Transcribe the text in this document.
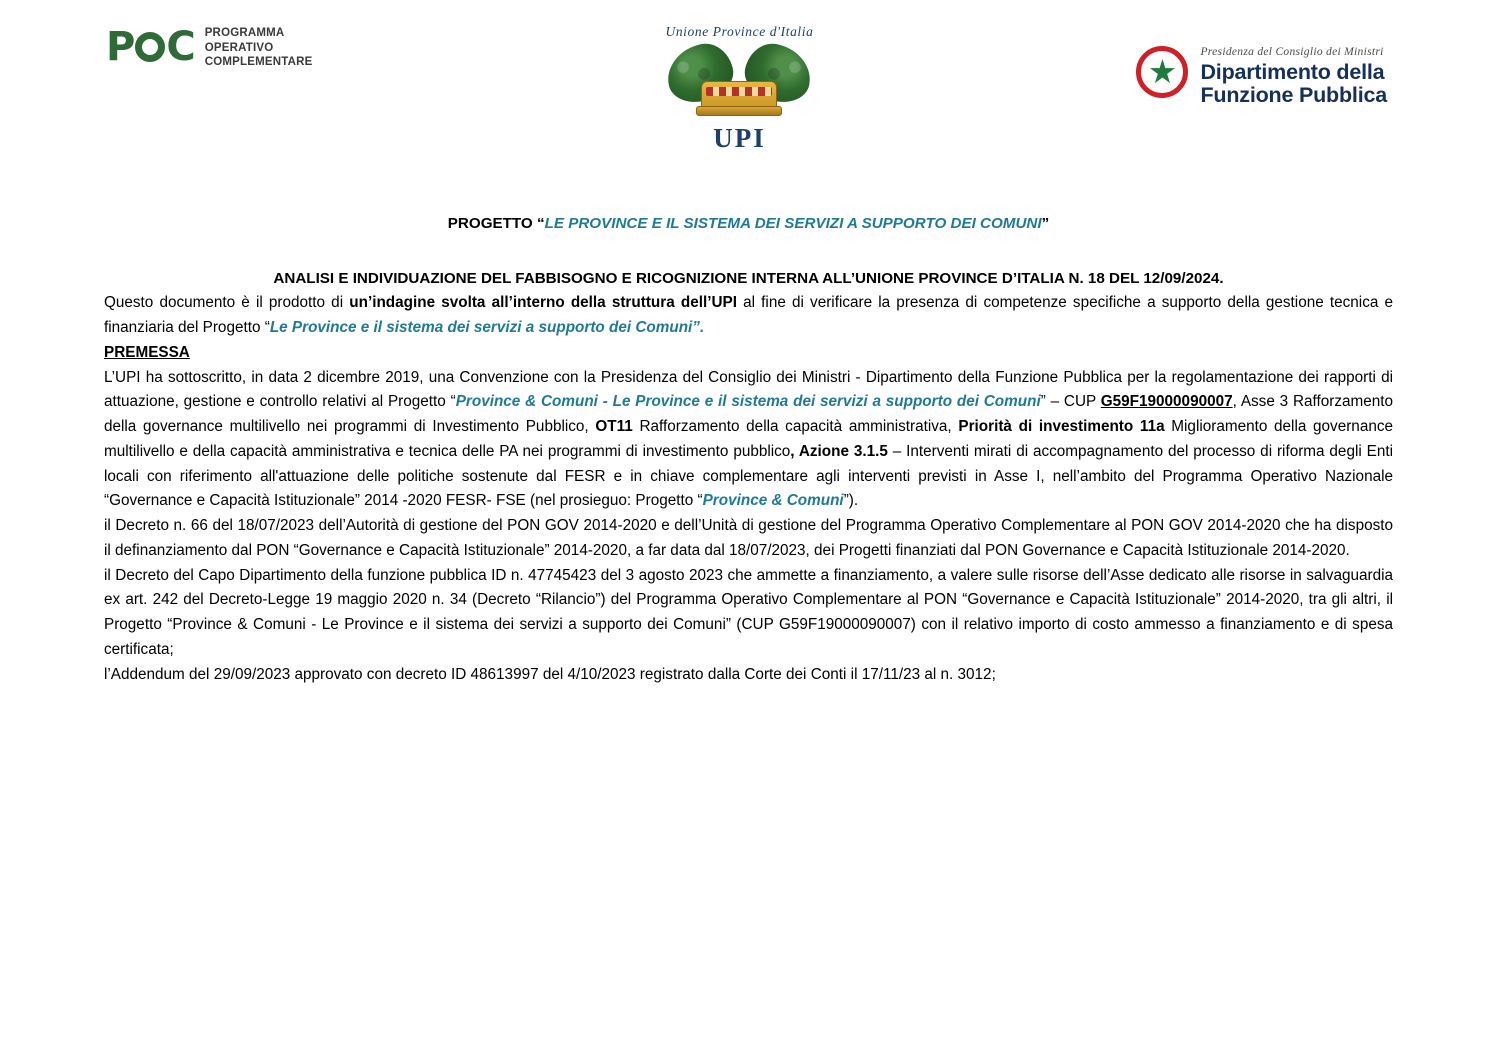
P C PROGRAMMA
OPERATIVO
COMPLEMENTARE
Unione Province d'Italia
UPI
Presidenza del Consiglio dei Ministri
Dipartimento della
Funzione Pubblica
PROGETTO “LE PROVINCE E IL SISTEMA DEI SERVIZI A SUPPORTO DEI COMUNI”
ANALISI E INDIVIDUAZIONE DEL FABBISOGNO E RICOGNIZIONE INTERNA ALL’UNIONE PROVINCE D’ITALIA N. 18 DEL 12/09/2024.

Questo documento è il prodotto di un’indagine svolta all’interno della struttura dell’UPI al fine di verificare la presenza di competenze specifiche a supporto della gestione tecnica e finanziaria del Progetto “Le Province e il sistema dei servizi a supporto dei Comuni”.

PREMESSA

L’UPI ha sottoscritto, in data 2 dicembre 2019, una Convenzione con la Presidenza del Consiglio dei Ministri - Dipartimento della Funzione Pubblica per la regolamentazione dei rapporti di attuazione, gestione e controllo relativi al Progetto “Province & Comuni - Le Province e il sistema dei servizi a supporto dei Comuni” – CUP G59F19000090007, Asse 3 Rafforzamento della governance multilivello nei programmi di Investimento Pubblico, OT11 Rafforzamento della capacità amministrativa, Priorità di investimento 11a Miglioramento della governance multilivello e della capacità amministrativa e tecnica delle PA nei programmi di investimento pubblico, Azione 3.1.5 – Interventi mirati di accompagnamento del processo di riforma degli Enti locali con riferimento all'attuazione delle politiche sostenute dal FESR e in chiave complementare agli interventi previsti in Asse I, nell’ambito del Programma Operativo Nazionale “Governance e Capacità Istituzionale” 2014 -2020 FESR- FSE (nel prosieguo: Progetto “Province & Comuni”).

il Decreto n. 66 del 18/07/2023 dell’Autorità di gestione del PON GOV 2014-2020 e dell’Unità di gestione del Programma Operativo Complementare al PON GOV 2014-2020 che ha disposto il definanziamento dal PON “Governance e Capacità Istituzionale” 2014-2020, a far data dal 18/07/2023, dei Progetti finanziati dal PON Governance e Capacità Istituzionale 2014-2020.

il Decreto del Capo Dipartimento della funzione pubblica ID n. 47745423 del 3 agosto 2023 che ammette a finanziamento, a valere sulle risorse dell’Asse dedicato alle risorse in salvaguardia ex art. 242 del Decreto-Legge 19 maggio 2020 n. 34 (Decreto “Rilancio”) del Programma Operativo Complementare al PON “Governance e Capacità Istituzionale” 2014-2020, tra gli altri, il Progetto “Province & Comuni - Le Province e il sistema dei servizi a supporto dei Comuni” (CUP G59F19000090007) con il relativo importo di costo ammesso a finanziamento e di spesa certificata;

l’Addendum del 29/09/2023 approvato con decreto ID 48613997 del 4/10/2023 registrato dalla Corte dei Conti il 17/11/23 al n. 3012;
